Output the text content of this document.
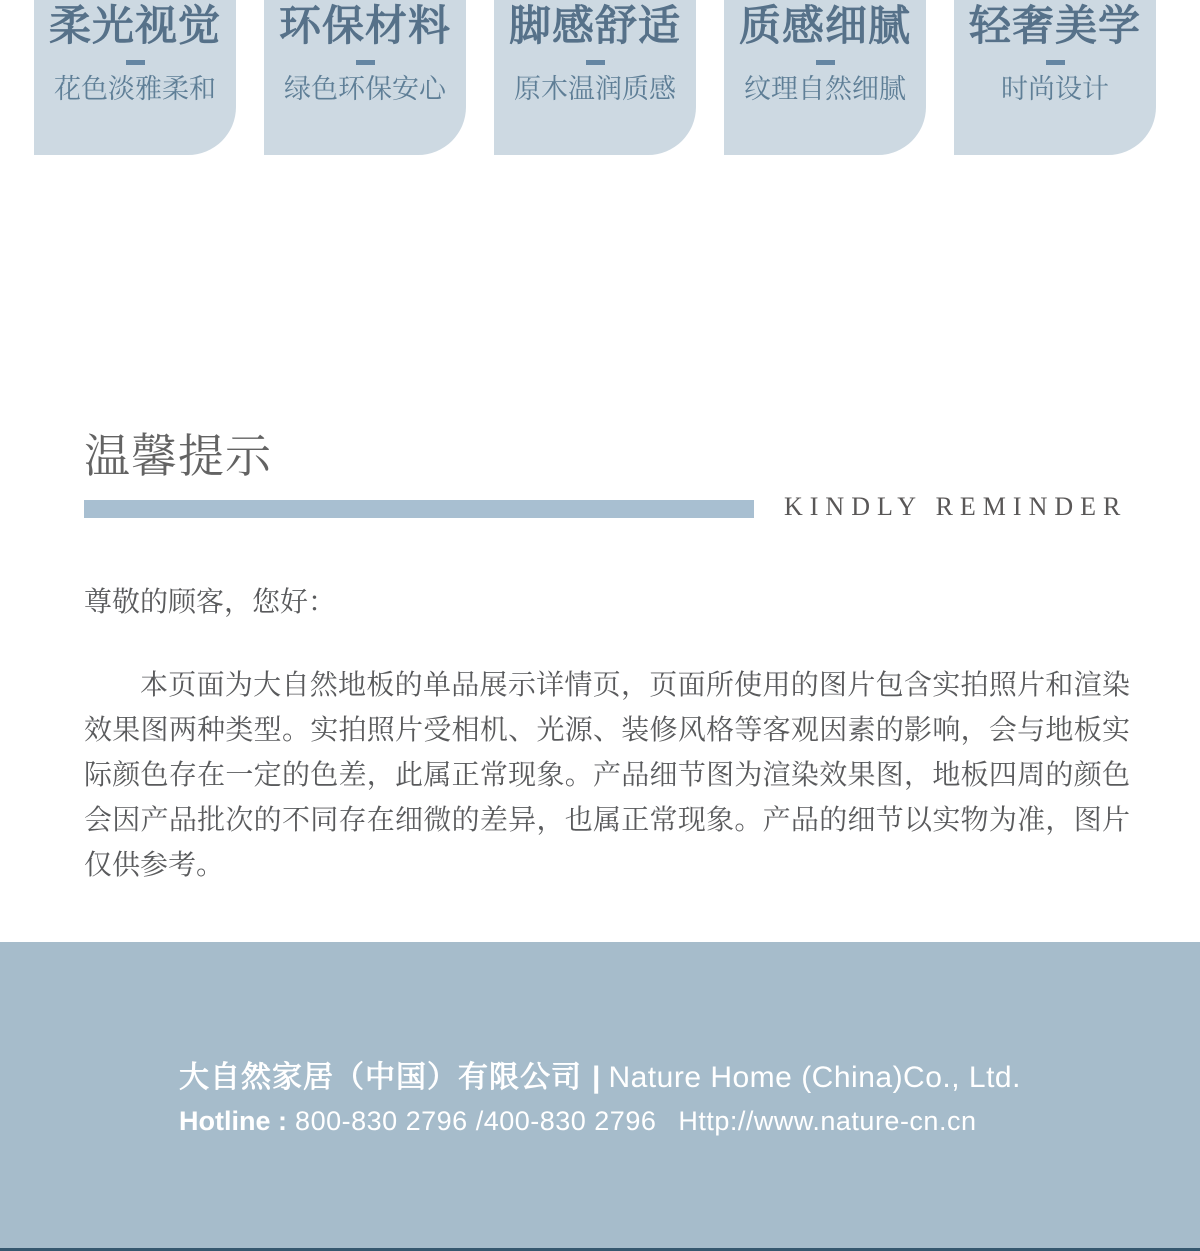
柔光视觉
花色淡雅柔和
环保材料
绿色环保安心
脚感舒适
原木温润质感
质感细腻
纹理自然细腻
轻奢美学
时尚设计
温馨提示
KINDLY REMINDER
尊敬的顾客，您好：
本页面为大自然地板的单品展示详情页，页面所使用的图片包含实拍照片和渲染效果图两种类型。实拍照片受相机、光源、装修风格等客观因素的影响，会与地板实际颜色存在一定的色差，此属正常现象。产品细节图为渲染效果图，地板四周的颜色会因产品批次的不同存在细微的差异，也属正常现象。产品的细节以实物为准，图片仅供参考。
大自然家居（中国）有限公司 | Nature Home (China)Co., Ltd.
Hotline : 800-830 2796 /400-830 2796 Http://www.nature-cn.cn
